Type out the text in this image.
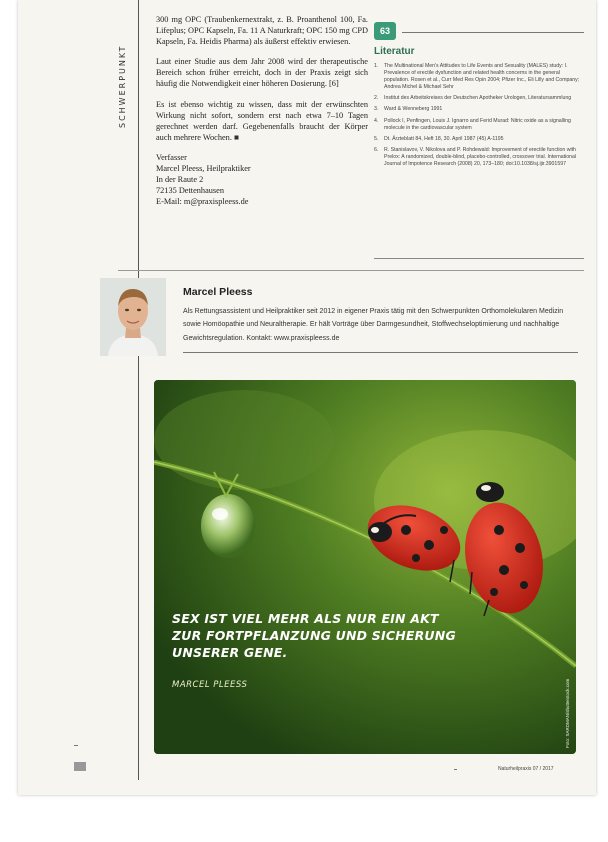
SCHWERPUNKT

300 mg OPC (Traubenkernextrakt, z. B. Proanthenol 100, Fa. Lifeplus; OPC Kapseln, Fa. 11 A Naturkraft; OPC 150 mg CPD Kapseln, Fa. Heidis Pharma) als äußerst effektiv erwiesen.

Laut einer Studie aus dem Jahr 2008 wird der therapeutische Bereich schon früher erreicht, doch in der Praxis zeigt sich häufig die Notwendigkeit einer höheren Dosierung. [6]

Es ist ebenso wichtig zu wissen, dass mit der erwünschten Wirkung nicht sofort, sondern erst nach etwa 7–10 Tagen gerechnet werden darf. Gegebenenfalls braucht der Körper auch mehrere Wochen. ■

Verfasser
Marcel Pleess, Heilpraktiker
In der Raute 2
72135 Dettenhausen
E-Mail: m@praxispleess.de
63
Literatur
1.	The Multinational Men's Attitudes to Life Events and Sexuality (MALES) study: I. Prevalence of erectile dysfunction and related health concerns in the general population. Rosen et al., Curr Med Res Opin 2004; Pfizer Inc., Eli Lilly and Company; Andrea Michel & Michael Sehr
2.	Institut des Arbeitskreises der Deutschen Apotheker Urologen, Literatursammlung
3.	Ward & Wenneberg 1991
4.	Pollock I, Penfingen, Louis J. Ignarro and Ferid Murad: Nitric oxide as a signalling molecule in the cardiovascular system
5.	Dt. Ärzteblatt 84, Heft 18, 30. April 1987 (45) A-1195
6.	R. Stanislavov, V. Nikolova and P. Rohdewald: Improvement of erectile function with Prelox: A randomized, double-blind, placebo-controlled, crossover trial. International Journal of Impotence Research (2008) 20, 173–180; doi:10.1038/sj.ijir.3901597
Marcel Pleess
Als Rettungsassistent und Heilpraktiker seit 2012 in eigener Praxis tätig mit den Schwerpunkten Orthomolekularen Medizin sowie Homöopathie und Neuraltherapie. Er hält Vorträge über Darmgesundheit, Stoffwechseloptimierung und nachhaltige Gewichtsregulation. Kontakt: www.praxispleess.de
SEX IST VIEL MEHR ALS NUR EIN AKT ZUR FORTPFLANZUNG UND SICHERUNG UNSERER GENE.
MARCEL PLEESS	Foto: SARDMAN/shutterstock.com
Naturheilpraxis 07 / 2017
